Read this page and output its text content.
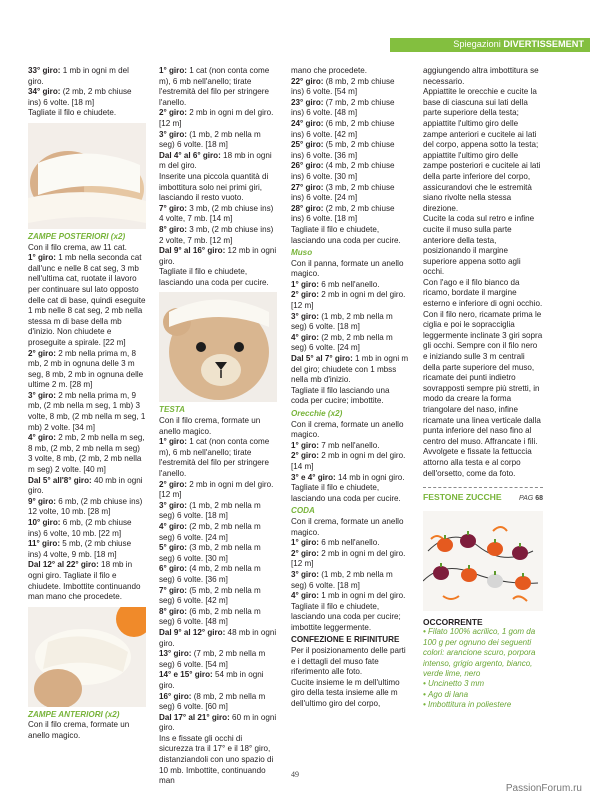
Spiegazioni DIVERTISSEMENT

33° giro: 1 mb in ogni m del giro.

34° giro: (2 mb, 2 mb chiuse ins) 6 volte. [18 m]

Tagliate il filo e chiudete.

ZAMPE POSTERIORI (x2)

Con il filo crema, aw 11 cat.

1° giro: 1 mb nella seconda cat dall'unc e nelle 8 cat seg, 3 mb nell'ultima cat, ruotate il lavoro per continuare sul lato opposto delle cat di base, quindi eseguite 1 mb nelle 8 cat seg, 2 mb nella stessa m di base della mb d'inizio. Non chiudete e proseguite a spirale. [22 m]

2° giro: 2 mb nella prima m, 8 mb, 2 mb in ognuna delle 3 m seg, 8 mb, 2 mb in ognuna delle ultime 2 m. [28 m]

3° giro: 2 mb nella prima m, 9 mb, (2 mb nella m seg, 1 mb) 3 volte, 8 mb, (2 mb nella m seg, 1 mb) 2 volte. [34 m]

4° giro: 2 mb, 2 mb nella m seg, 8 mb, (2 mb, 2 mb nella m seg) 3 volte, 8 mb, (2 mb, 2 mb nella m seg) 2 volte. [40 m]

Dal 5° all'8° giro: 40 mb in ogni giro.

9° giro: 6 mb, (2 mb chiuse ins) 12 volte, 10 mb. [28 m]

10° giro: 6 mb, (2 mb chiuse ins) 6 volte, 10 mb. [22 m]

11° giro: 5 mb, (2 mb chiuse ins) 4 volte, 9 mb. [18 m]

Dal 12° al 22° giro: 18 mb in ogni giro. Tagliate il filo e chiudete. Imbottite continuando man mano che procedete.

ZAMPE ANTERIORI (x2)

Con il filo crema, formate un anello magico.

1° giro: 1 cat (non conta come m), 6 mb nell'anello; tirate l'estremità del filo per stringere l'anello.

2° giro: 2 mb in ogni m del giro. [12 m]

3° giro: (1 mb, 2 mb nella m seg) 6 volte. [18 m]

Dal 4° al 6° giro: 18 mb in ogni m del giro.

Inserite una piccola quantità di imbottitura solo nei primi giri, lasciando il resto vuoto.

7° giro: 3 mb, (2 mb chiuse ins) 4 volte, 7 mb. [14 m]

8° giro: 3 mb, (2 mb chiuse ins) 2 volte, 7 mb. [12 m]

Dal 9° al 16° giro: 12 mb in ogni giro.

Tagliate il filo e chiudete, lasciando una coda per cucire.

TESTA

Con il filo crema, formate un anello magico.

1° giro: 1 cat (non conta come m), 6 mb nell'anello; tirate l'estremità del filo per stringere l'anello.

2° giro: 2 mb in ogni m del giro. [12 m]

3° giro: (1 mb, 2 mb nella m seg) 6 volte. [18 m]

4° giro: (2 mb, 2 mb nella m seg) 6 volte. [24 m]

5° giro: (3 mb, 2 mb nella m seg) 6 volte. [30 m]

6° giro: (4 mb, 2 mb nella m seg) 6 volte. [36 m]

7° giro: (5 mb, 2 mb nella m seg) 6 volte. [42 m]

8° giro: (6 mb, 2 mb nella m seg) 6 volte. [48 m]

Dal 9° al 12° giro: 48 mb in ogni giro.

13° giro: (7 mb, 2 mb nella m seg) 6 volte. [54 m]

14° e 15° giro: 54 mb in ogni giro.

16° giro: (8 mb, 2 mb nella m seg) 6 volte. [60 m]

Dal 17° al 21° giro: 60 m in ogni giro.

Ins e fissate gli occhi di sicurezza tra il 17° e il 18° giro, distanziandoli con uno spazio di 10 mb. Imbottite, continuando man

mano che procedete.

22° giro: (8 mb, 2 mb chiuse ins) 6 volte. [54 m]

23° giro: (7 mb, 2 mb chiuse ins) 6 volte. [48 m]

24° giro: (6 mb, 2 mb chiuse ins) 6 volte. [42 m]

25° giro: (5 mb, 2 mb chiuse ins) 6 volte. [36 m]

26° giro: (4 mb, 2 mb chiuse ins) 6 volte. [30 m]

27° giro: (3 mb, 2 mb chiuse ins) 6 volte. [24 m]

28° giro: (2 mb, 2 mb chiuse ins) 6 volte. [18 m]

Tagliate il filo e chiudete, lasciando una coda per cucire.

Muso

Con il panna, formate un anello magico.

1° giro: 6 mb nell'anello.

2° giro: 2 mb in ogni m del giro. [12 m]

3° giro: (1 mb, 2 mb nella m seg) 6 volte. [18 m]

4° giro: (2 mb, 2 mb nella m seg) 6 volte. [24 m]

Dal 5° al 7° giro: 1 mb in ogni m del giro; chiudete con 1 mbss nella mb d'inizio.

Tagliate il filo lasciando una coda per cucire; imbottite.

Orecchie (x2)

Con il crema, formate un anello magico.

1° giro: 7 mb nell'anello.

2° giro: 2 mb in ogni m del giro. [14 m]

3° e 4° giro: 14 mb in ogni giro.

Tagliate il filo e chiudete, lasciando una coda per cucire.

CODA

Con il crema, formate un anello magico.

1° giro: 6 mb nell'anello.

2° giro: 2 mb in ogni m del giro. [12 m]

3° giro: (1 mb, 2 mb nella m seg) 6 volte. [18 m]

4° giro: 1 mb in ogni m del giro. Tagliate il filo e chiudete, lasciando una coda per cucire; imbottite leggermente.

CONFEZIONE E RIFINITURE

Per il posizionamento delle parti e i dettagli del muso fate riferimento alle foto.

Cucite insieme le m dell'ultimo giro della testa insieme alle m dell'ultimo giro del corpo,

aggiungendo altra imbottitura se necessario.

Appiattite le orecchie e cucite la base di ciascuna sui lati della parte superiore della testa; appiattite l'ultimo giro delle zampe anteriori e cucitele ai lati del corpo, appena sotto la testa; appiattite l'ultimo giro delle zampe posteriori e cucitele ai lati della parte inferiore del corpo, assicurandovi che le estremità siano rivolte nella stessa direzione.

Cucite la coda sul retro e infine cucite il muso sulla parte anteriore della testa, posizionando il margine superiore appena sotto agli occhi.

Con l'ago e il filo bianco da ricamo, bordate il margine esterno e inferiore di ogni occhio.

Con il filo nero, ricamate prima le ciglia e poi le sopracciglia leggermente inclinate 3 giri sopra gli occhi. Sempre con il filo nero e iniziando sulle 3 m centrali della parte superiore del muso, ricamate dei punti indietro sovrapposti sempre più stretti, in modo da creare la forma triangolare del naso, infine ricamate una linea verticale dalla punta inferiore del naso fino al centro del muso. Affrancate i fili.

Avvolgete e fissate la fettuccia attorno alla testa e al corpo dell'orsetto, come da foto.

FESTONE ZUCCHE PAG 68
OCCORRENTE
• Filato 100% acrilico, 1 gom da 100 g per ognuno dei seguenti colori: arancione scuro, porpora intenso, grigio argento, bianco, verde lime, nero
• Uncinetto 3 mm
• Ago di lana
• Imbottitura in poliestere
49
PassionForum.ru
